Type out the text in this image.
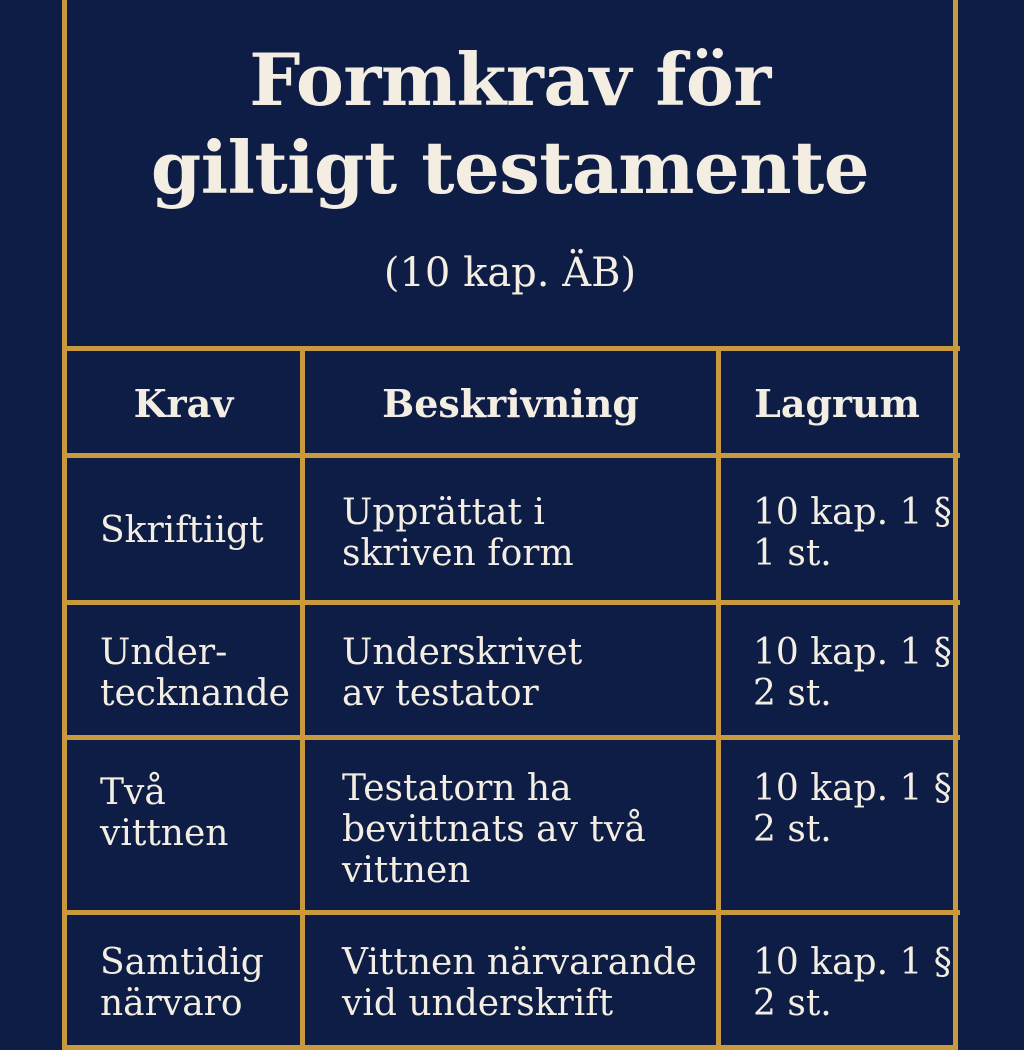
Formkrav för
giltigt testamente

(10 kap. ÄB)

Krav	Beskrivning	Lagrum
Skriftiigt Upprättat i
skriven form
10 kap. 1 §
1 st.
Under-
tecknande
Underskrivet
av testator
10 kap. 1 §
2 st.
Två
vittnen
Testatorn ha
bevittnats av två
vittnen
10 kap. 1 §
2 st.
Samtidig
närvaro
Vittnen närvarande
vid underskrift
10 kap. 1 §
2 st.
